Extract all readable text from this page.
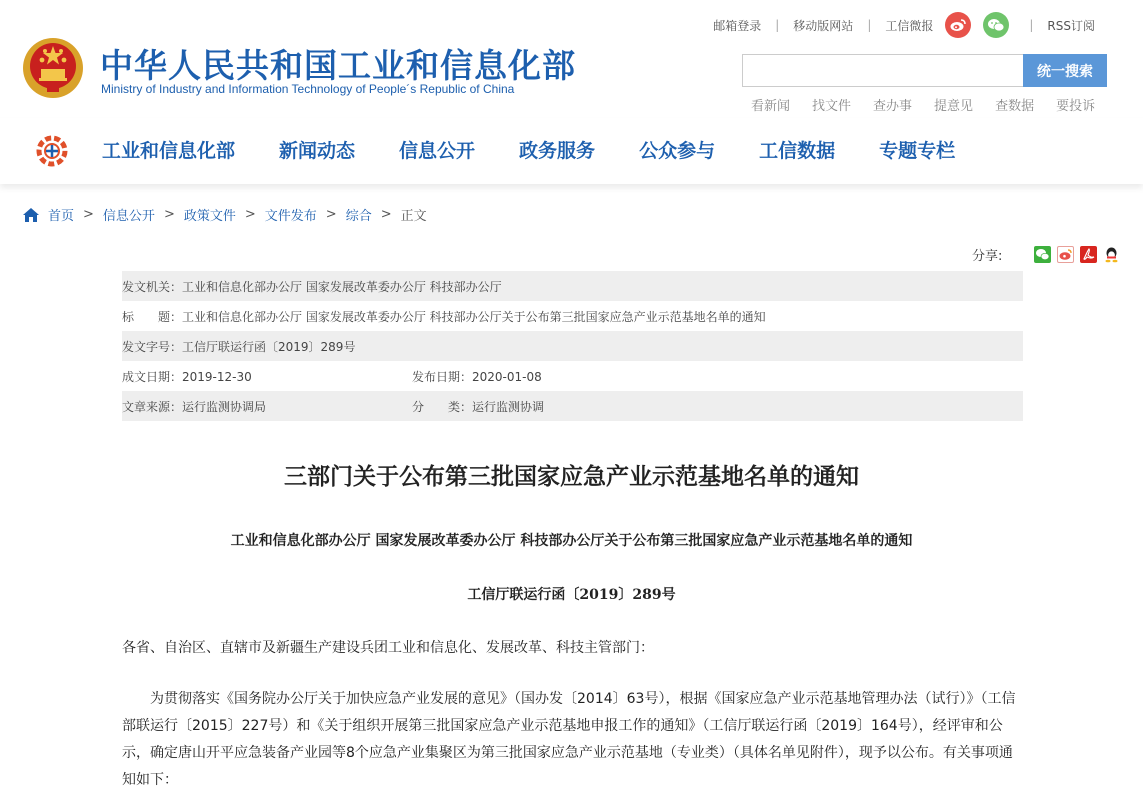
中华人民共和国工业和信息化部
Ministry of Industry and Information Technology of People´s Republic of China
邮箱登录 | 移动版网站 | 工信微报	| RSS订阅
统一搜索
看新闻 找文件 查办事 提意见 查数据 要投诉
工业和信息化部 新闻动态 信息公开 政务服务 公众参与 工信数据 专题专栏
首页 > 信息公开 > 政策文件 > 文件发布 > 综合 > 正文
分享:
发文机关：工业和信息化部办公厅 国家发展改革委办公厅 科技部办公厅
标　　题： 工业和信息化部办公厅 国家发展改革委办公厅 科技部办公厅关于公布第三批国家应急产业示范基地名单的通知
发文字号：工信厅联运行函〔2019〕289号
成文日期：2019-12-30	发布日期：2020-01-08
文章来源：运行监测协调局	分　　类：运行监测协调
三部门关于公布第三批国家应急产业示范基地名单的通知
工业和信息化部办公厅 国家发展改革委办公厅 科技部办公厅关于公布第三批国家应急产业示范基地名单的通知
工信厅联运行函〔2019〕289号
各省、自治区、直辖市及新疆生产建设兵团工业和信息化、发展改革、科技主管部门：
为贯彻落实《国务院办公厅关于加快应急产业发展的意见》（国办发〔2014〕63号），根据《国家应急产业示范基地管理办法（试行）》（工信部联运行〔2015〕227号）和《关于组织开展第三批国家应急产业示范基地申报工作的通知》（工信厅联运行函〔2019〕164号），经评审和公示，确定唐山开平应急装备产业园等8个应急产业集聚区为第三批国家应急产业示范基地（专业类）（具体名单见附件），现予以公布。有关事项通知如下：
